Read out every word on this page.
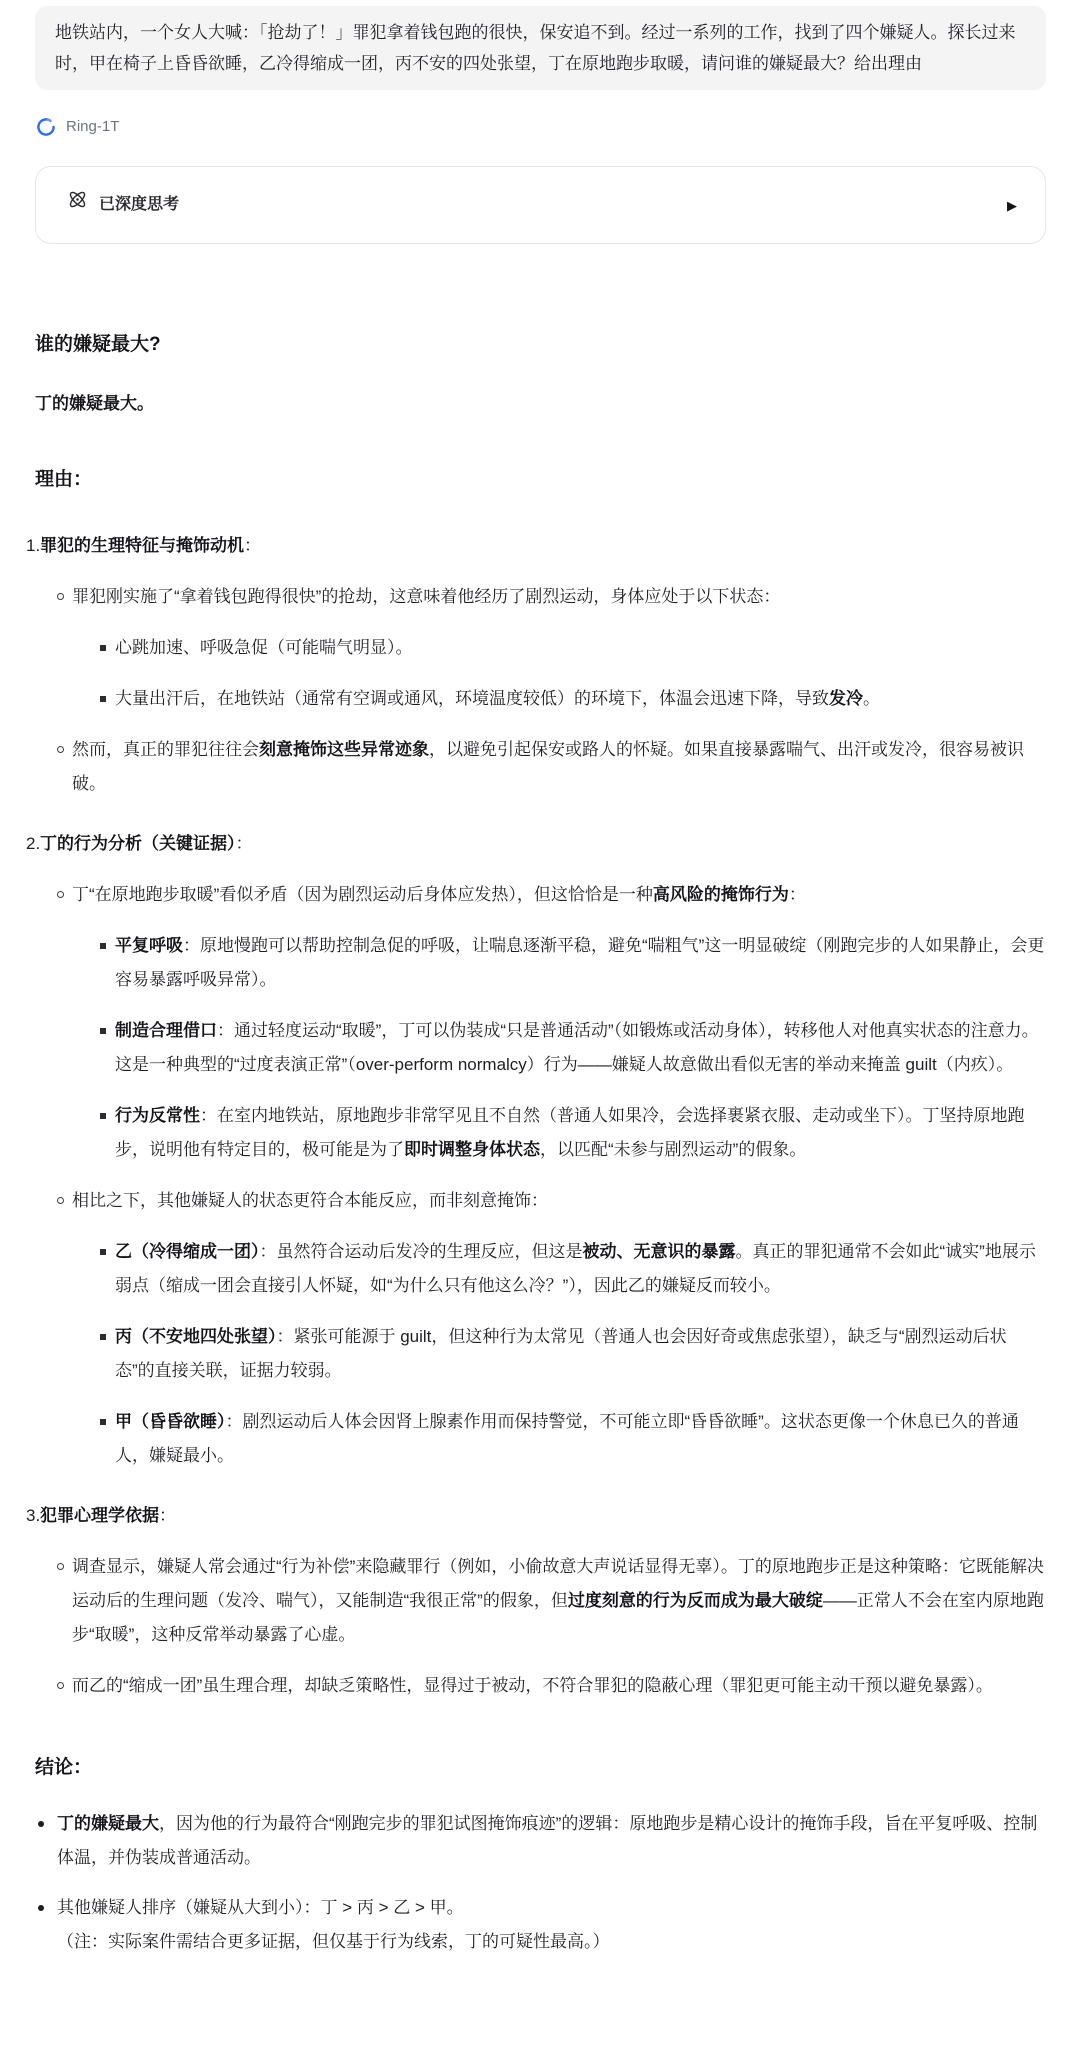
地铁站内，一个女人大喊：「抢劫了！」罪犯拿着钱包跑的很快，保安追不到。经过一系列的工作，找到了四个嫌疑人。探长过来时，甲在椅子上昏昏欲睡，乙冷得缩成一团，丙不安的四处张望，丁在原地跑步取暖，请问谁的嫌疑最大？给出理由
Ring-1T
已深度思考	▶
谁的嫌疑最大?

丁的嫌疑最大。

理由：
1. 罪犯的生理特征与掩饰动机：
罪犯刚实施了“拿着钱包跑得很快”的抢劫，这意味着他经历了剧烈运动，身体应处于以下状态：
心跳加速、呼吸急促（可能喘气明显）。
大量出汗后，在地铁站（通常有空调或通风，环境温度较低）的环境下，体温会迅速下降，导致发冷。
然而，真正的罪犯往往会刻意掩饰这些异常迹象，以避免引起保安或路人的怀疑。如果直接暴露喘气、出汗或发冷，很容易被识破。
2. 丁的行为分析（关键证据）：
丁“在原地跑步取暖”看似矛盾（因为剧烈运动后身体应发热），但这恰恰是一种高风险的掩饰行为：
平复呼吸：原地慢跑可以帮助控制急促的呼吸，让喘息逐渐平稳，避免“喘粗气”这一明显破绽（刚跑完步的人如果静止，会更容易暴露呼吸异常）。
制造合理借口：通过轻度运动“取暖”，丁可以伪装成“只是普通活动”（如锻炼或活动身体），转移他人对他真实状态的注意力。这是一种典型的“过度表演正常”（over-perform normalcy）行为——嫌疑人故意做出看似无害的举动来掩盖 guilt（内疚）。
行为反常性：在室内地铁站，原地跑步非常罕见且不自然（普通人如果冷，会选择裹紧衣服、走动或坐下）。丁坚持原地跑步，说明他有特定目的，极可能是为了即时调整身体状态，以匹配“未参与剧烈运动”的假象。
相比之下，其他嫌疑人的状态更符合本能反应，而非刻意掩饰：
乙（冷得缩成一团）：虽然符合运动后发冷的生理反应，但这是被动、无意识的暴露。真正的罪犯通常不会如此“诚实”地展示弱点（缩成一团会直接引人怀疑，如“为什么只有他这么冷？”），因此乙的嫌疑反而较小。
丙（不安地四处张望）：紧张可能源于 guilt，但这种行为太常见（普通人也会因好奇或焦虑张望），缺乏与“剧烈运动后状态”的直接关联，证据力较弱。
甲（昏昏欲睡）：剧烈运动后人体会因肾上腺素作用而保持警觉，不可能立即“昏昏欲睡”。这状态更像一个休息已久的普通人，嫌疑最小。
3. 犯罪心理学依据：
调查显示，嫌疑人常会通过“行为补偿”来隐藏罪行（例如，小偷故意大声说话显得无辜）。丁的原地跑步正是这种策略：它既能解决运动后的生理问题（发冷、喘气），又能制造“我很正常”的假象，但过度刻意的行为反而成为最大破绽——正常人不会在室内原地跑步“取暖”，这种反常举动暴露了心虚。
而乙的“缩成一团”虽生理合理，却缺乏策略性，显得过于被动，不符合罪犯的隐蔽心理（罪犯更可能主动干预以避免暴露）。
结论：
丁的嫌疑最大，因为他的行为最符合“刚跑完步的罪犯试图掩饰痕迹”的逻辑：原地跑步是精心设计的掩饰手段，旨在平复呼吸、控制体温，并伪装成普通活动。
其他嫌疑人排序（嫌疑从大到小）：丁 > 丙 > 乙 > 甲。
（注：实际案件需结合更多证据，但仅基于行为线索，丁的可疑性最高。）
